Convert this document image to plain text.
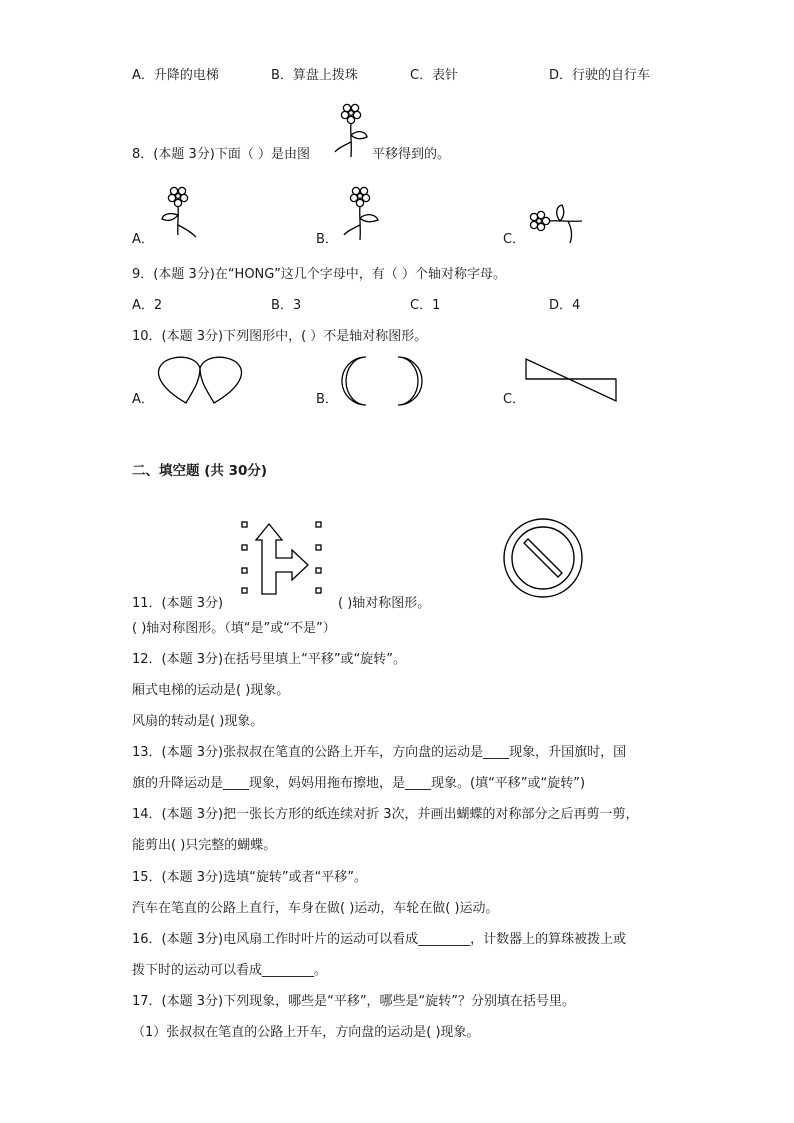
A．升降的电梯	B．算盘上拨珠	C．表针	D．行驶的自行车
8．(本题 3分)下面（ ）是由图	平移得到的。
A．	B．	C．
9．(本题 3分)在“HONG”这几个字母中，有（ ）个轴对称字母。
A．2	B．3	C．1	D．4
10．(本题 3分)下列图形中，( ）不是轴对称图形。
A．	B．	C．
二、填空题 (共 30分)
11．(本题 3分)	( )轴对称图形。
( )轴对称图形。（填“是”或“不是”）
12．(本题 3分)在括号里填上“平移”或“旋转”。
厢式电梯的运动是( )现象。
风扇的转动是( )现象。
13．(本题 3分)张叔叔在笔直的公路上开车，方向盘的运动是____现象，升国旗时，国
旗的升降运动是____现象，妈妈用拖布擦地，是____现象。(填“平移”或“旋转”)
14．(本题 3分)把一张长方形的纸连续对折 3次，并画出蝴蝶的对称部分之后再剪一剪，
能剪出( )只完整的蝴蝶。
15．(本题 3分)选填“旋转”或者“平移”。
汽车在笔直的公路上直行，车身在做( )运动，车轮在做( )运动。
16．(本题 3分)电风扇工作时叶片的运动可以看成________，计数器上的算珠被拨上或
拨下时的运动可以看成________。
17．(本题 3分)下列现象，哪些是“平移”，哪些是“旋转”？分别填在括号里。
（1）张叔叔在笔直的公路上开车，方向盘的运动是( )现象。
